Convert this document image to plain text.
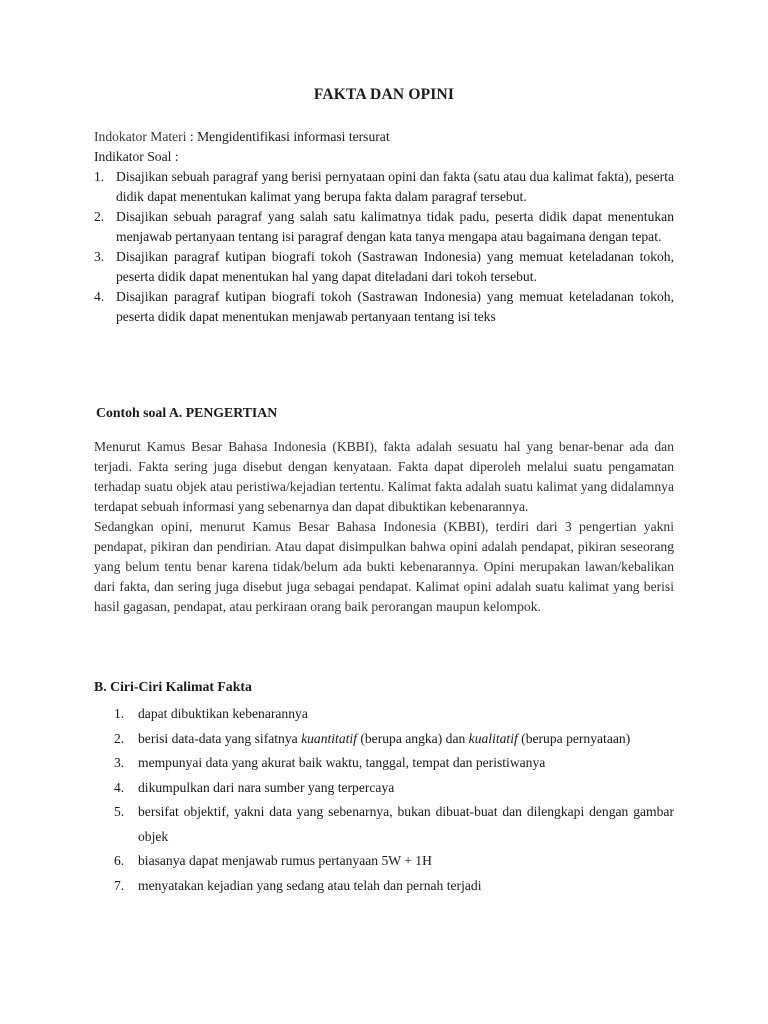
FAKTA DAN OPINI
Indokator Materi : Mengidentifikasi informasi tersurat
Indikator Soal :
1. Disajikan sebuah paragraf yang berisi pernyataan opini dan fakta (satu atau dua kalimat fakta), peserta didik dapat menentukan kalimat yang berupa fakta dalam paragraf tersebut.
2. Disajikan sebuah paragraf yang salah satu kalimatnya tidak padu, peserta didik dapat menentukan menjawab pertanyaan tentang isi paragraf dengan kata tanya mengapa atau bagaimana dengan tepat.
3. Disajikan paragraf kutipan biografi tokoh (Sastrawan Indonesia) yang memuat keteladanan tokoh, peserta didik dapat menentukan hal yang dapat diteladani dari tokoh tersebut.
4. Disajikan paragraf kutipan biografi tokoh (Sastrawan Indonesia) yang memuat keteladanan tokoh, peserta didik dapat menentukan menjawab pertanyaan tentang isi teks
Contoh soal A. PENGERTIAN

Menurut Kamus Besar Bahasa Indonesia (KBBI), fakta adalah sesuatu hal yang benar-benar ada dan terjadi. Fakta sering juga disebut dengan kenyataan. Fakta dapat diperoleh melalui suatu pengamatan terhadap suatu objek atau peristiwa/kejadian tertentu. Kalimat fakta adalah suatu kalimat yang didalamnya terdapat sebuah informasi yang sebenarnya dan dapat dibuktikan kebenarannya.

Sedangkan opini, menurut Kamus Besar Bahasa Indonesia (KBBI), terdiri dari 3 pengertian yakni pendapat, pikiran dan pendirian. Atau dapat disimpulkan bahwa opini adalah pendapat, pikiran seseorang yang belum tentu benar karena tidak/belum ada bukti kebenarannya. Opini merupakan lawan/kebalikan dari fakta, dan sering juga disebut juga sebagai pendapat. Kalimat opini adalah suatu kalimat yang berisi hasil gagasan, pendapat, atau perkiraan orang baik perorangan maupun kelompok.

B. Ciri-Ciri Kalimat Fakta
1. dapat dibuktikan kebenarannya
2. berisi data-data yang sifatnya kuantitatif (berupa angka) dan kualitatif (berupa pernyataan)
3. mempunyai data yang akurat baik waktu, tanggal, tempat dan peristiwanya
4. dikumpulkan dari nara sumber yang terpercaya
5. bersifat objektif, yakni data yang sebenarnya, bukan dibuat-buat dan dilengkapi dengan gambar objek
6. biasanya dapat menjawab rumus pertanyaan 5W + 1H
7. menyatakan kejadian yang sedang atau telah dan pernah terjadi
